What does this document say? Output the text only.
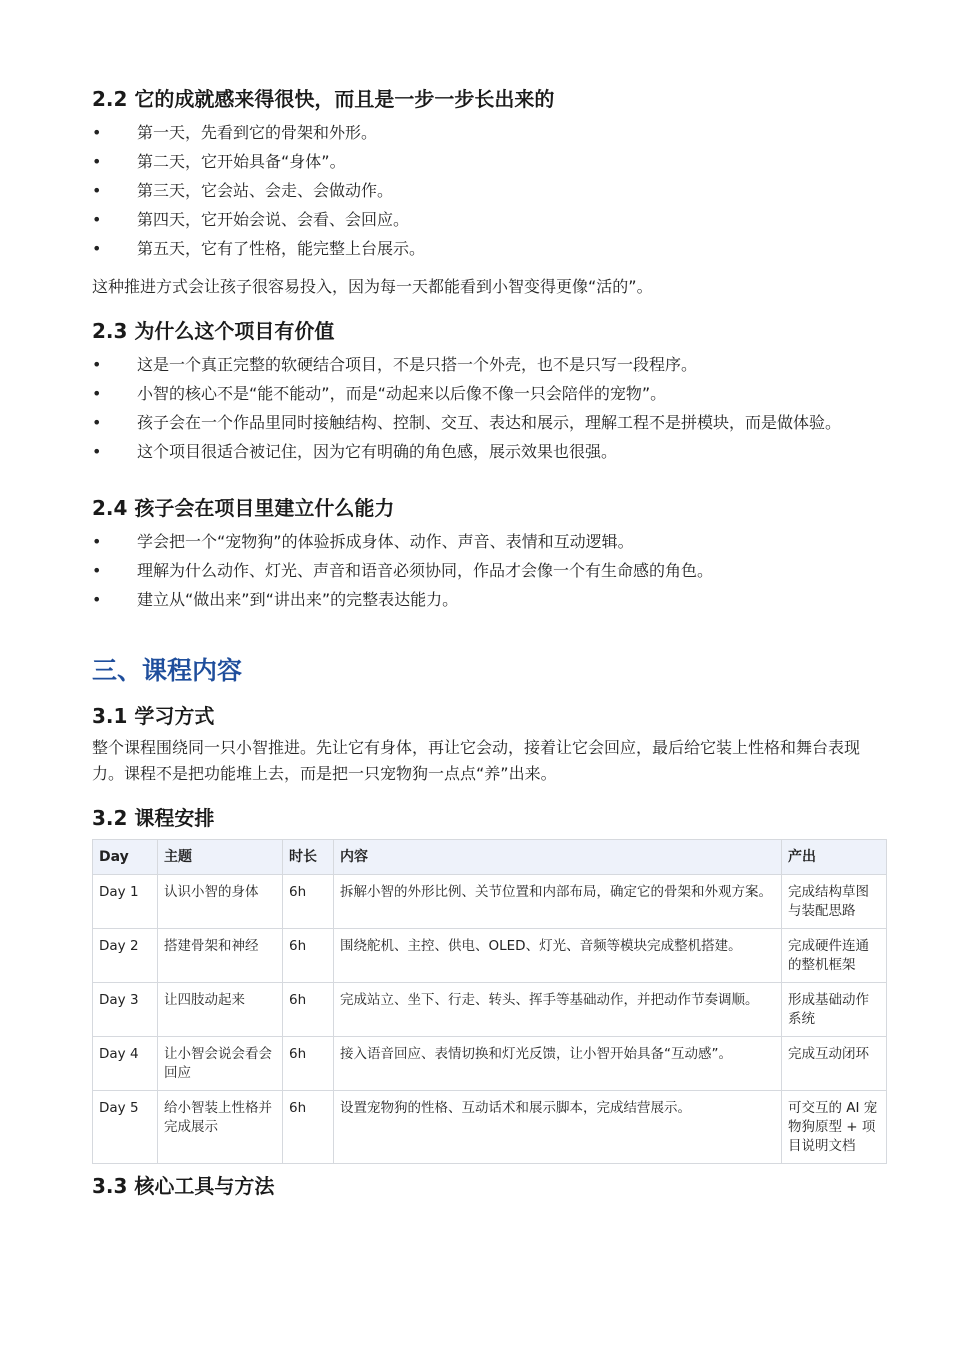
2.2 它的成就感来得很快，而且是一步一步长出来的
• 第一天，先看到它的骨架和外形。
• 第二天，它开始具备“身体”。
• 第三天，它会站、会走、会做动作。
• 第四天，它开始会说、会看、会回应。
• 第五天，它有了性格，能完整上台展示。
这种推进方式会让孩子很容易投入，因为每一天都能看到小智变得更像“活的”。
2.3 为什么这个项目有价值
• 这是一个真正完整的软硬结合项目，不是只搭一个外壳，也不是只写一段程序。
• 小智的核心不是“能不能动”，而是“动起来以后像不像一只会陪伴的宠物”。
• 孩子会在一个作品里同时接触结构、控制、交互、表达和展示，理解工程不是拼模块，而是做体验。
• 这个项目很适合被记住，因为它有明确的角色感，展示效果也很强。
2.4 孩子会在项目里建立什么能力
• 学会把一个“宠物狗”的体验拆成身体、动作、声音、表情和互动逻辑。
• 理解为什么动作、灯光、声音和语音必须协同，作品才会像一个有生命感的角色。
• 建立从“做出来”到“讲出来”的完整表达能力。
三、课程内容
3.1 学习方式
整个课程围绕同一只小智推进。先让它有身体，再让它会动，接着让它会回应，最后给它装上性格和舞台表现力。课程不是把功能堆上去，而是把一只宠物狗一点点“养”出来。
3.2 课程安排
Day	主题	时长	内容	产出
Day 1	认识小智的身体	6h	拆解小智的外形比例、关节位置和内部布局，确定它的骨架和外观方案。	完成结构草图与装配思路
Day 2	搭建骨架和神经	6h	围绕舵机、主控、供电、OLED、灯光、音频等模块完成整机搭建。	完成硬件连通的整机框架
Day 3	让四肢动起来	6h	完成站立、坐下、行走、转头、挥手等基础动作，并把动作节奏调顺。	形成基础动作系统
Day 4	让小智会说会看会回应	6h	接入语音回应、表情切换和灯光反馈，让小智开始具备“互动感”。	完成互动闭环
Day 5	给小智装上性格并完成展示	6h	设置宠物狗的性格、互动话术和展示脚本，完成结营展示。	可交互的 AI 宠物狗原型 + 项目说明文档
3.3 核心工具与方法
